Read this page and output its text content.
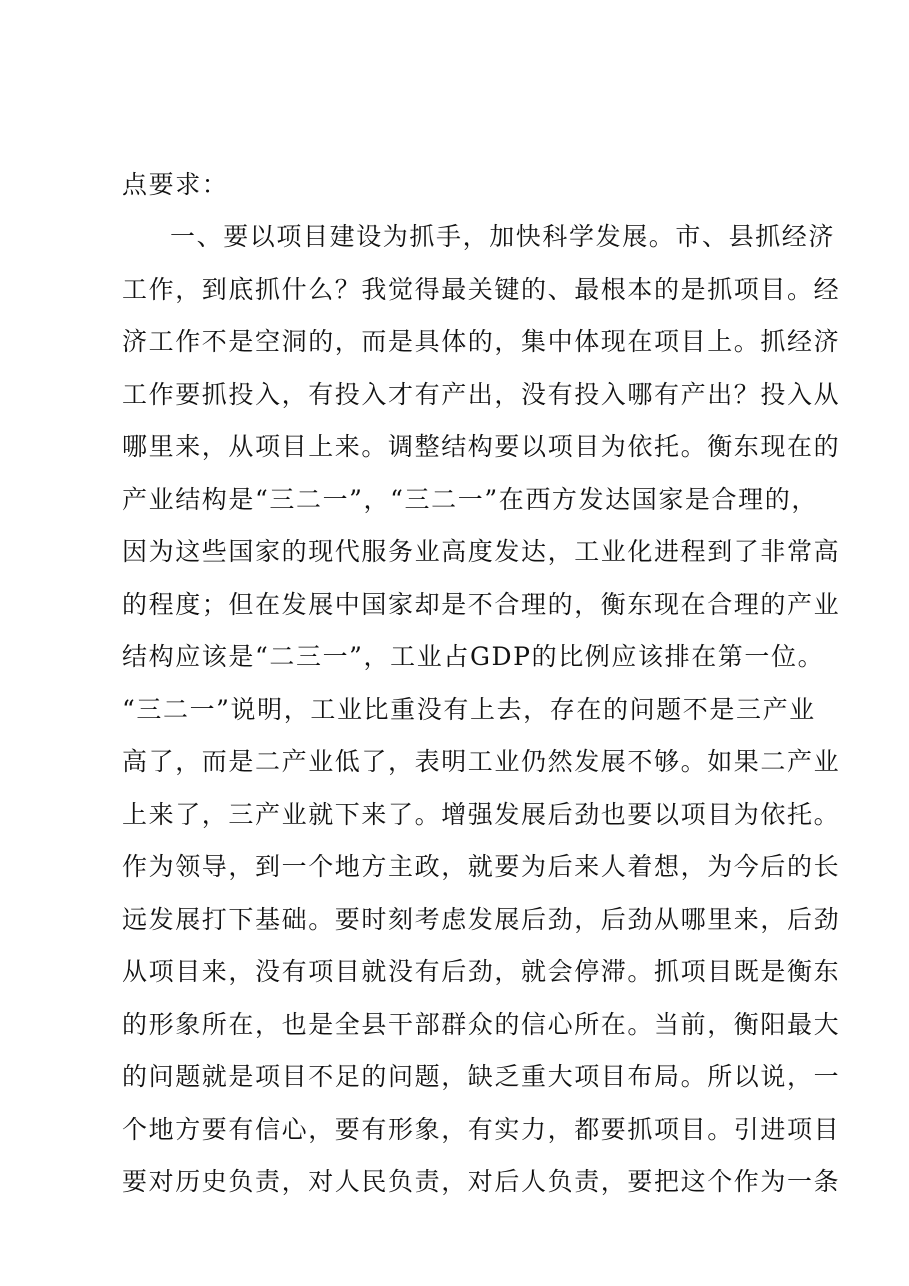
点要求：

一、要以项目建设为抓手，加快科学发展。市、县抓经济

工作，到底抓什么？我觉得最关键的、最根本的是抓项目。经

济工作不是空洞的，而是具体的，集中体现在项目上。抓经济

工作要抓投入，有投入才有产出，没有投入哪有产出？投入从

哪里来，从项目上来。调整结构要以项目为依托。衡东现在的

产业结构是“三二一”，“三二一”在西方发达国家是合理的，

因为这些国家的现代服务业高度发达，工业化进程到了非常高

的程度；但在发展中国家却是不合理的，衡东现在合理的产业

结构应该是“二三一”，工业占GDP的比例应该排在第一位。

“三二一”说明，工业比重没有上去，存在的问题不是三产业

高了，而是二产业低了，表明工业仍然发展不够。如果二产业

上来了，三产业就下来了。增强发展后劲也要以项目为依托。

作为领导，到一个地方主政，就要为后来人着想，为今后的长

远发展打下基础。要时刻考虑发展后劲，后劲从哪里来，后劲

从项目来，没有项目就没有后劲，就会停滞。抓项目既是衡东

的形象所在，也是全县干部群众的信心所在。当前，衡阳最大

的问题就是项目不足的问题，缺乏重大项目布局。所以说，一

个地方要有信心，要有形象，有实力，都要抓项目。引进项目

要对历史负责，对人民负责，对后人负责，要把这个作为一条
